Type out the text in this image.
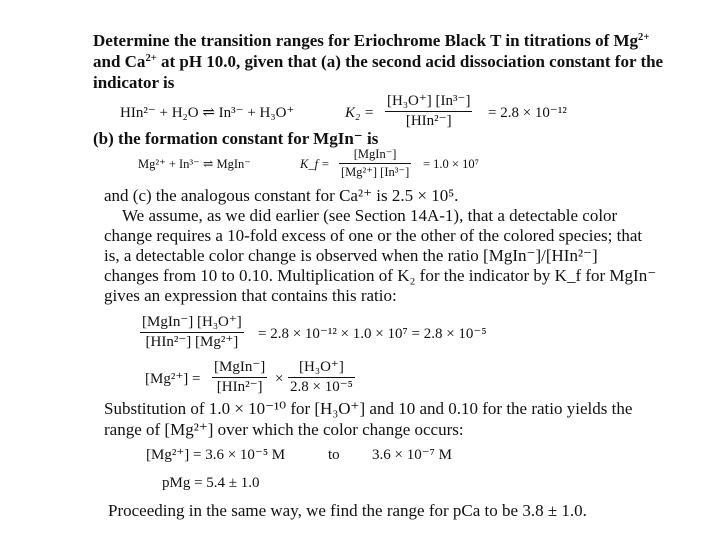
Determine the transition ranges for Eriochrome Black T in titrations of $Mg^{2+}$
and $Ca^{2+}$ at pH 10.0, given that (a) the second acid dissociation constant for the
indicator is
HIn²⁻ + H₂O ⇌ In³⁻ + H₃O⁺	K₂ =
[H₃O⁺] [In³⁻]
[HIn²⁻]	= 2.8 × 10⁻¹²
(b) the formation constant for MgIn⁻ is
Mg²⁺ + In³⁻ ⇌ MgIn⁻	K_f =
[MgIn⁻]
[Mg²⁺] [In³⁻]
= 1.0 × 10⁷
and (c) the analogous constant for Ca²⁺ is 2.5 × 10⁵.
We assume, as we did earlier (see Section 14A-1), that a detectable color
change requires a 10-fold excess of one or the other of the colored species; that
is, a detectable color change is observed when the ratio [MgIn⁻]/[HIn²⁻]
changes from 10 to 0.10. Multiplication of K₂ for the indicator by K_f for MgIn⁻
gives an expression that contains this ratio:
[MgIn⁻] [H₃O⁺]
[HIn²⁻] [Mg²⁺]	= 2.8 × 10⁻¹² × 1.0 × 10⁷ = 2.8 × 10⁻⁵
[Mg²⁺] =
[MgIn⁻]
$[HIn^{2-}] \times \frac{\text{[H₃O⁺]}}{\text{2.8 × 10⁻⁵}}$
Substitution of 1.0 × 10⁻¹⁰ for [H₃O⁺] and 10 and 0.10 for the ratio yields the
range of [Mg²⁺] over which the color change occurs:
[Mg²⁺] = 3.6 × 10⁻⁵ M	to 3.6 × 10⁻⁷ M
pMg = 5.4 ± 1.0
Proceeding in the same way, we find the range for pCa to be 3.8 ± 1.0.
